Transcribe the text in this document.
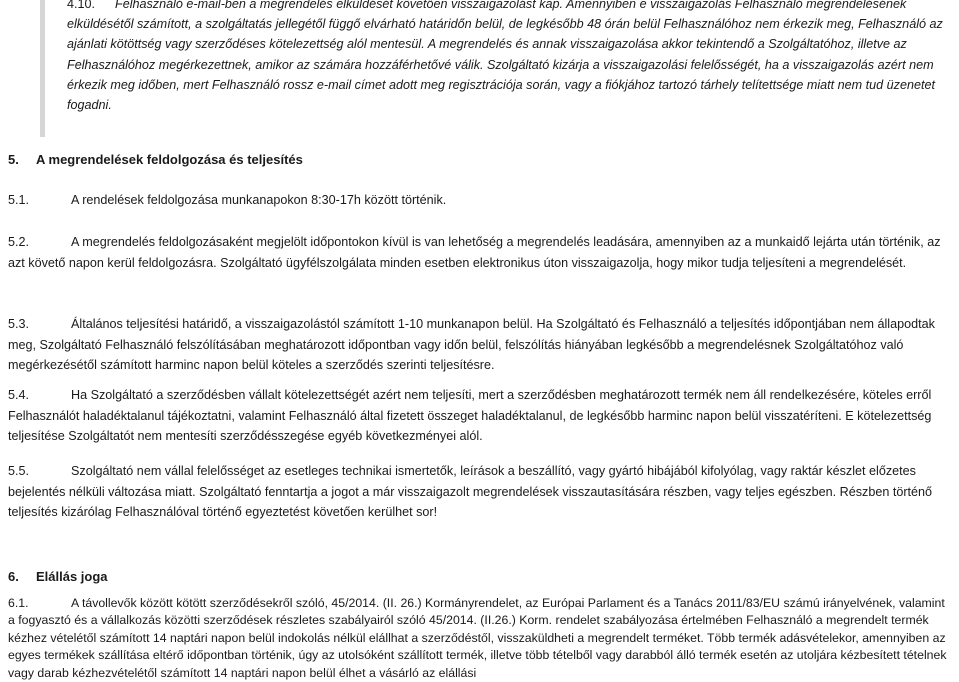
4.10. Felhasználó e-mail-ben a megrendelés elküldését követően visszaigazolást kap. Amennyiben e visszaigazolás Felhasználó megrendelésének elküldésétől számított, a szolgáltatás jellegétől függő elvárható határidőn belül, de legkésőbb 48 órán belül Felhasználóhoz nem érkezik meg, Felhasználó az ajánlati kötöttség vagy szerződéses kötelezettség alól mentesül. A megrendelés és annak visszaigazolása akkor tekintendő a Szolgáltatóhoz, illetve az Felhasználóhoz megérkezettnek, amikor az számára hozzáférhetővé válik. Szolgáltató kizárja a visszaigazolási felelősségét, ha a visszaigazolás azért nem érkezik meg időben, mert Felhasználó rossz e-mail címet adott meg regisztrációja során, vagy a fiókjához tartozó tárhely telítettsége miatt nem tud üzenetet fogadni.

5. A megrendelések feldolgozása és teljesítés
5.1.	A rendelések feldolgozása munkanapokon 8:30-17h között történik.

5.2.	A megrendelés feldolgozásaként megjelölt időpontokon kívül is van lehetőség a megrendelés leadására, amennyiben az a munkaidő lejárta után történik, az azt követő napon kerül feldolgozásra. Szolgáltató ügyfélszolgálata minden esetben elektronikus úton visszaigazolja, hogy mikor tudja teljesíteni a megrendelését.

5.3.	Általános teljesítési határidő, a visszaigazolástól számított 1-10 munkanapon belül. Ha Szolgáltató és Felhasználó a teljesítés időpontjában nem állapodtak meg, Szolgáltató Felhasználó felszólításában meghatározott időpontban vagy időn belül, felszólítás hiányában legkésőbb a megrendelésnek Szolgáltatóhoz való megérkezésétől számított harminc napon belül köteles a szerződés szerinti teljesítésre.

5.4.	Ha Szolgáltató a szerződésben vállalt kötelezettségét azért nem teljesíti, mert a szerződésben meghatározott termék nem áll rendelkezésére, köteles erről Felhasználót haladéktalanul tájékoztatni, valamint Felhasználó által fizetett összeget haladéktalanul, de legkésőbb harminc napon belül visszatéríteni. E kötelezettség teljesítése Szolgáltatót nem mentesíti szerződésszegése egyéb következményei alól.

5.5.	Szolgáltató nem vállal felelősséget az esetleges technikai ismertetők, leírások a beszállító, vagy gyártó hibájából kifolyólag, vagy raktár készlet előzetes bejelentés nélküli változása miatt. Szolgáltató fenntartja a jogot a már visszaigazolt megrendelések visszautasítására részben, vagy teljes egészben. Részben történő teljesítés kizárólag Felhasználóval történő egyeztetést követően kerülhet sor!

6. Elállás joga

6.1.	A távollevők között kötött szerződésekről szóló, 45/2014. (II. 26.) Kormányrendelet, az Európai Parlament és a Tanács 2011/83/EU számú irányelvének, valamint a fogyasztó és a vállalkozás közötti szerződések részletes szabályairól szóló 45/2014. (II.26.) Korm. rendelet szabályozása értelmében Felhasználó a megrendelt termék kézhez vételétől számított 14 naptári napon belül indokolás nélkül elállhat a szerződéstől, visszaküldheti a megrendelt terméket. Több termék adásvételekor, amennyiben az egyes termékek szállítása eltérő időpontban történik, úgy az utolsóként szállított termék, illetve több tételből vagy darabból álló termék esetén az utoljára kézbesített tételnek vagy darab kézhezvételétől számított 14 naptári napon belül élhet a vásárló az elállási
